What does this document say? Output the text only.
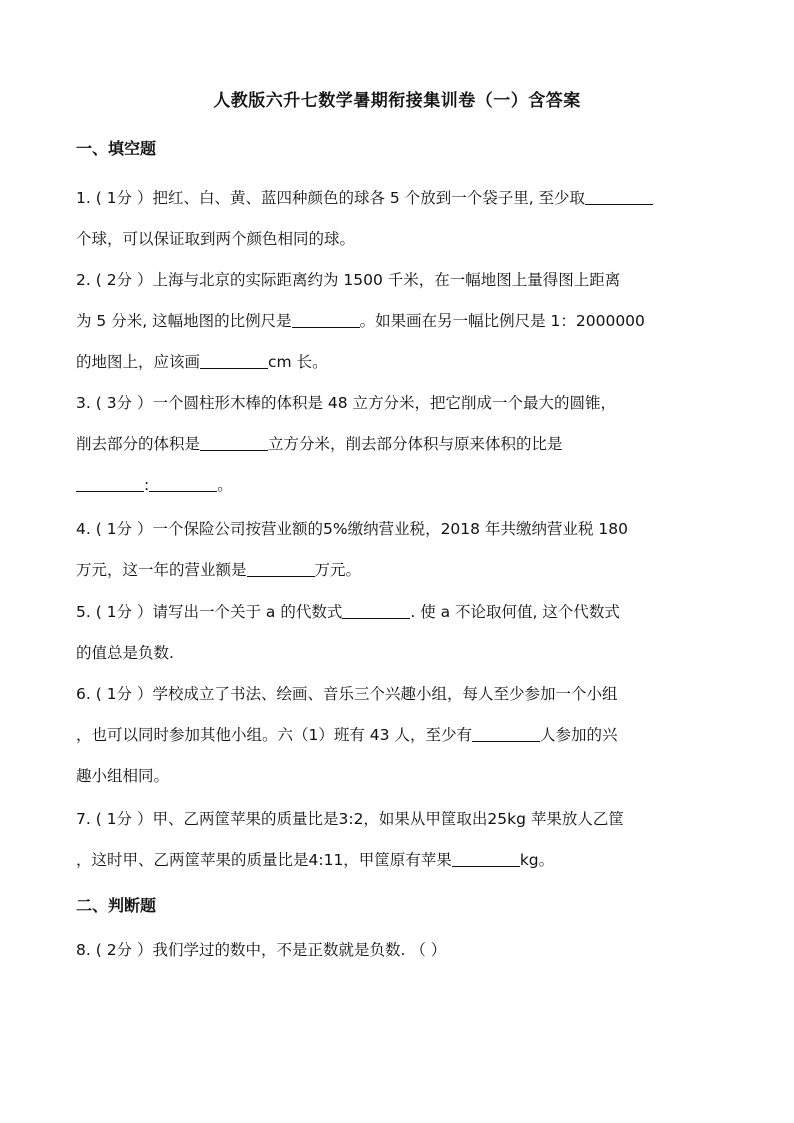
人教版六升七数学暑期衔接集训卷（一）含答案
一、填空题
1. ( 1分 ）把红、白、黄、蓝四种颜色的球各 5 个放到一个袋子里, 至少取
个球，可以保证取到两个颜色相同的球。
2. ( 2分 ）上海与北京的实际距离约为 1500 千米，在一幅地图上量得图上距离
为 5 分米, 这幅地图的比例尺是	。如果画在另一幅比例尺是 1：2000000
的地图上，应该画	cm 长。
3. ( 3分 ）一个圆柱形木棒的体积是 48 立方分米，把它削成一个最大的圆锥，
削去部分的体积是	立方分米，削去部分体积与原来体积的比是
:	。
4. ( 1分 ）一个保险公司按营业额的5%缴纳营业税，2018 年共缴纳营业税 180
万元，这一年的营业额是	万元。
5. ( 1分 ）请写出一个关于 a 的代数式	. 使 a 不论取何值, 这个代数式
的值总是负数.
6. ( 1分 ）学校成立了书法、绘画、音乐三个兴趣小组，每人至少参加一个小组
，也可以同时参加其他小组。六（1）班有 43 人，至少有	人参加的兴
趣小组相同。
7. ( 1分 ）甲、乙两筐苹果的质量比是3:2，如果从甲筐取出25kg 苹果放人乙筐
，这时甲、乙两筐苹果的质量比是4:11，甲筐原有苹果	kg。
二、判断题
8. ( 2分 ）我们学过的数中，不是正数就是负数. （ ）
